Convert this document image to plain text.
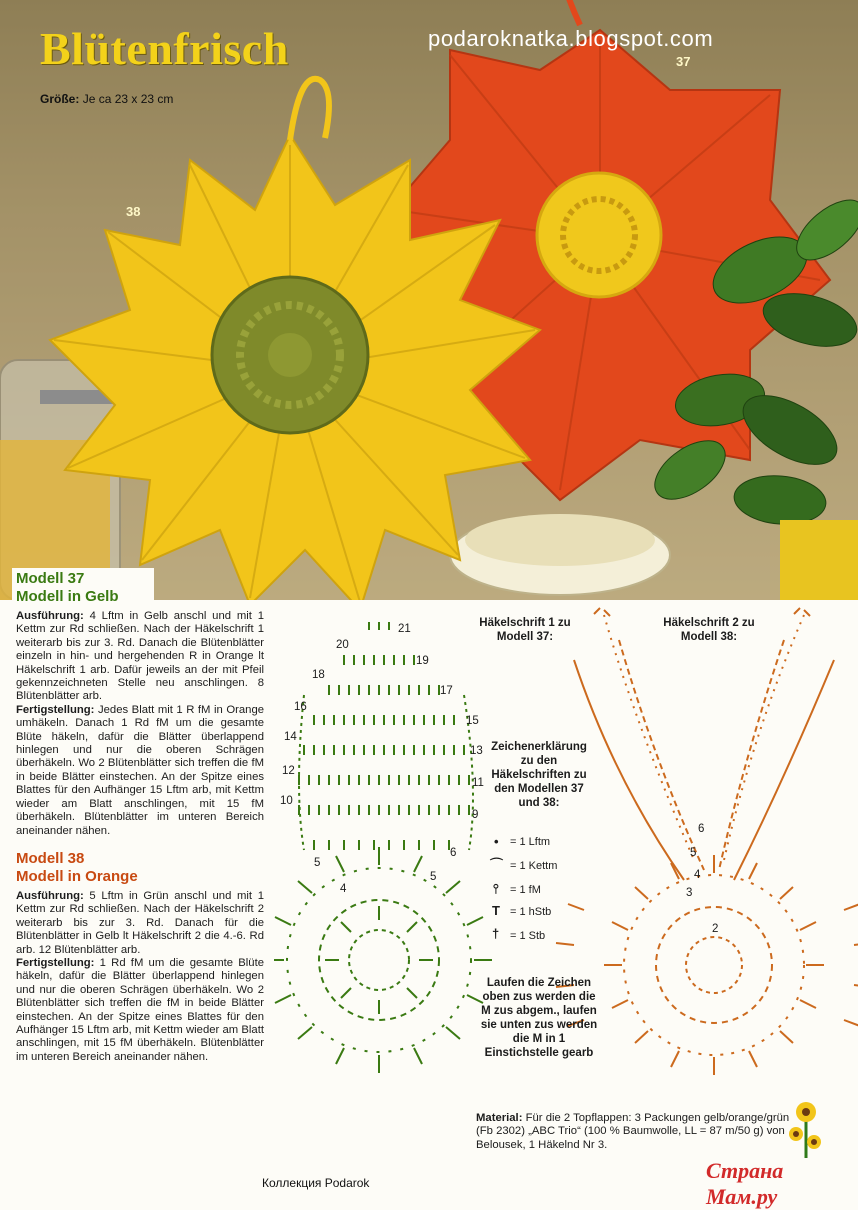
Blütenfrisch	podaroknatka.blogspot.com
Größe: Je ca 23 x 23 cm
37
38
Modell 37
Modell in Gelb
Ausführung: 4 Lftm in Gelb anschl und mit 1 Kettm zur Rd schließen. Nach der Häkelschrift 1 weiterarb bis zur 3. Rd. Danach die Blütenblätter einzeln in hin- und hergehenden R in Orange lt Häkelschrift 1 arb. Dafür jeweils an der mit Pfeil gekennzeichneten Stelle neu anschlingen. 8 Blütenblätter arb.
Fertigstellung: Jedes Blatt mit 1 R fM in Orange umhäkeln. Danach 1 Rd fM um die gesamte Blüte häkeln, dafür die Blätter überlappend hinlegen und nur die oberen Schrägen überhäkeln. Wo 2 Blütenblätter sich treffen die fM in beide Blätter einstechen. An der Spitze eines Blattes für den Aufhänger 15 Lftm arb, mit Kettm wieder am Blatt anschlingen, mit 15 fM überhäkeln. Blütenblätter im unteren Bereich aneinander nähen.
Modell 38
Modell in Orange
Ausführung: 5 Lftm in Grün anschl und mit 1 Kettm zur Rd schließen. Nach der Häkelschrift 2 weiterarb bis zur 3. Rd. Danach für die Blütenblätter in Gelb lt Häkelschrift 2 die 4.-6. Rd arb. 12 Blütenblätter arb.
Fertigstellung: 1 Rd fM um die gesamte Blüte häkeln, dafür die Blätter überlappend hinlegen und nur die oberen Schrägen überhäkeln. Wo 2 Blütenblätter sich treffen die fM in beide Blätter einstechen. An der Spitze eines Blattes für den Aufhänger 15 Lftm arb, mit Kettm wieder am Blatt anschlingen, mit 15 fM überhäkeln. Blütenblätter im unteren Bereich aneinander nähen.
20
18
16
14
12
10
5
4
21
19
17
15
13
11
9
6
5
6
5
4
3
2
Häkelschrift 1 zu Modell 37:
Häkelschrift 2 zu Modell 38:
Zeichenerklärung zu den Häkelschriften zu den Modellen 37 und 38:
• = 1 Lftm
⌒ = 1 Kettm
⫯ = 1 fM
T = 1 hStb
† = 1 Stb
Laufen die Zeichen oben zus werden die M zus abgem., laufen sie unten zus werden die M in 1 Einstichstelle gearb
Material: Für die 2 Topflappen: 3 Packungen gelb/orange/grün (Fb 2302) „ABC Trio“ (100 % Baumwolle, LL = 87 m/50 g) von Belousek, 1 Häkelnd Nr 3.
Коллекция Podarok	Страна Мам.ру
